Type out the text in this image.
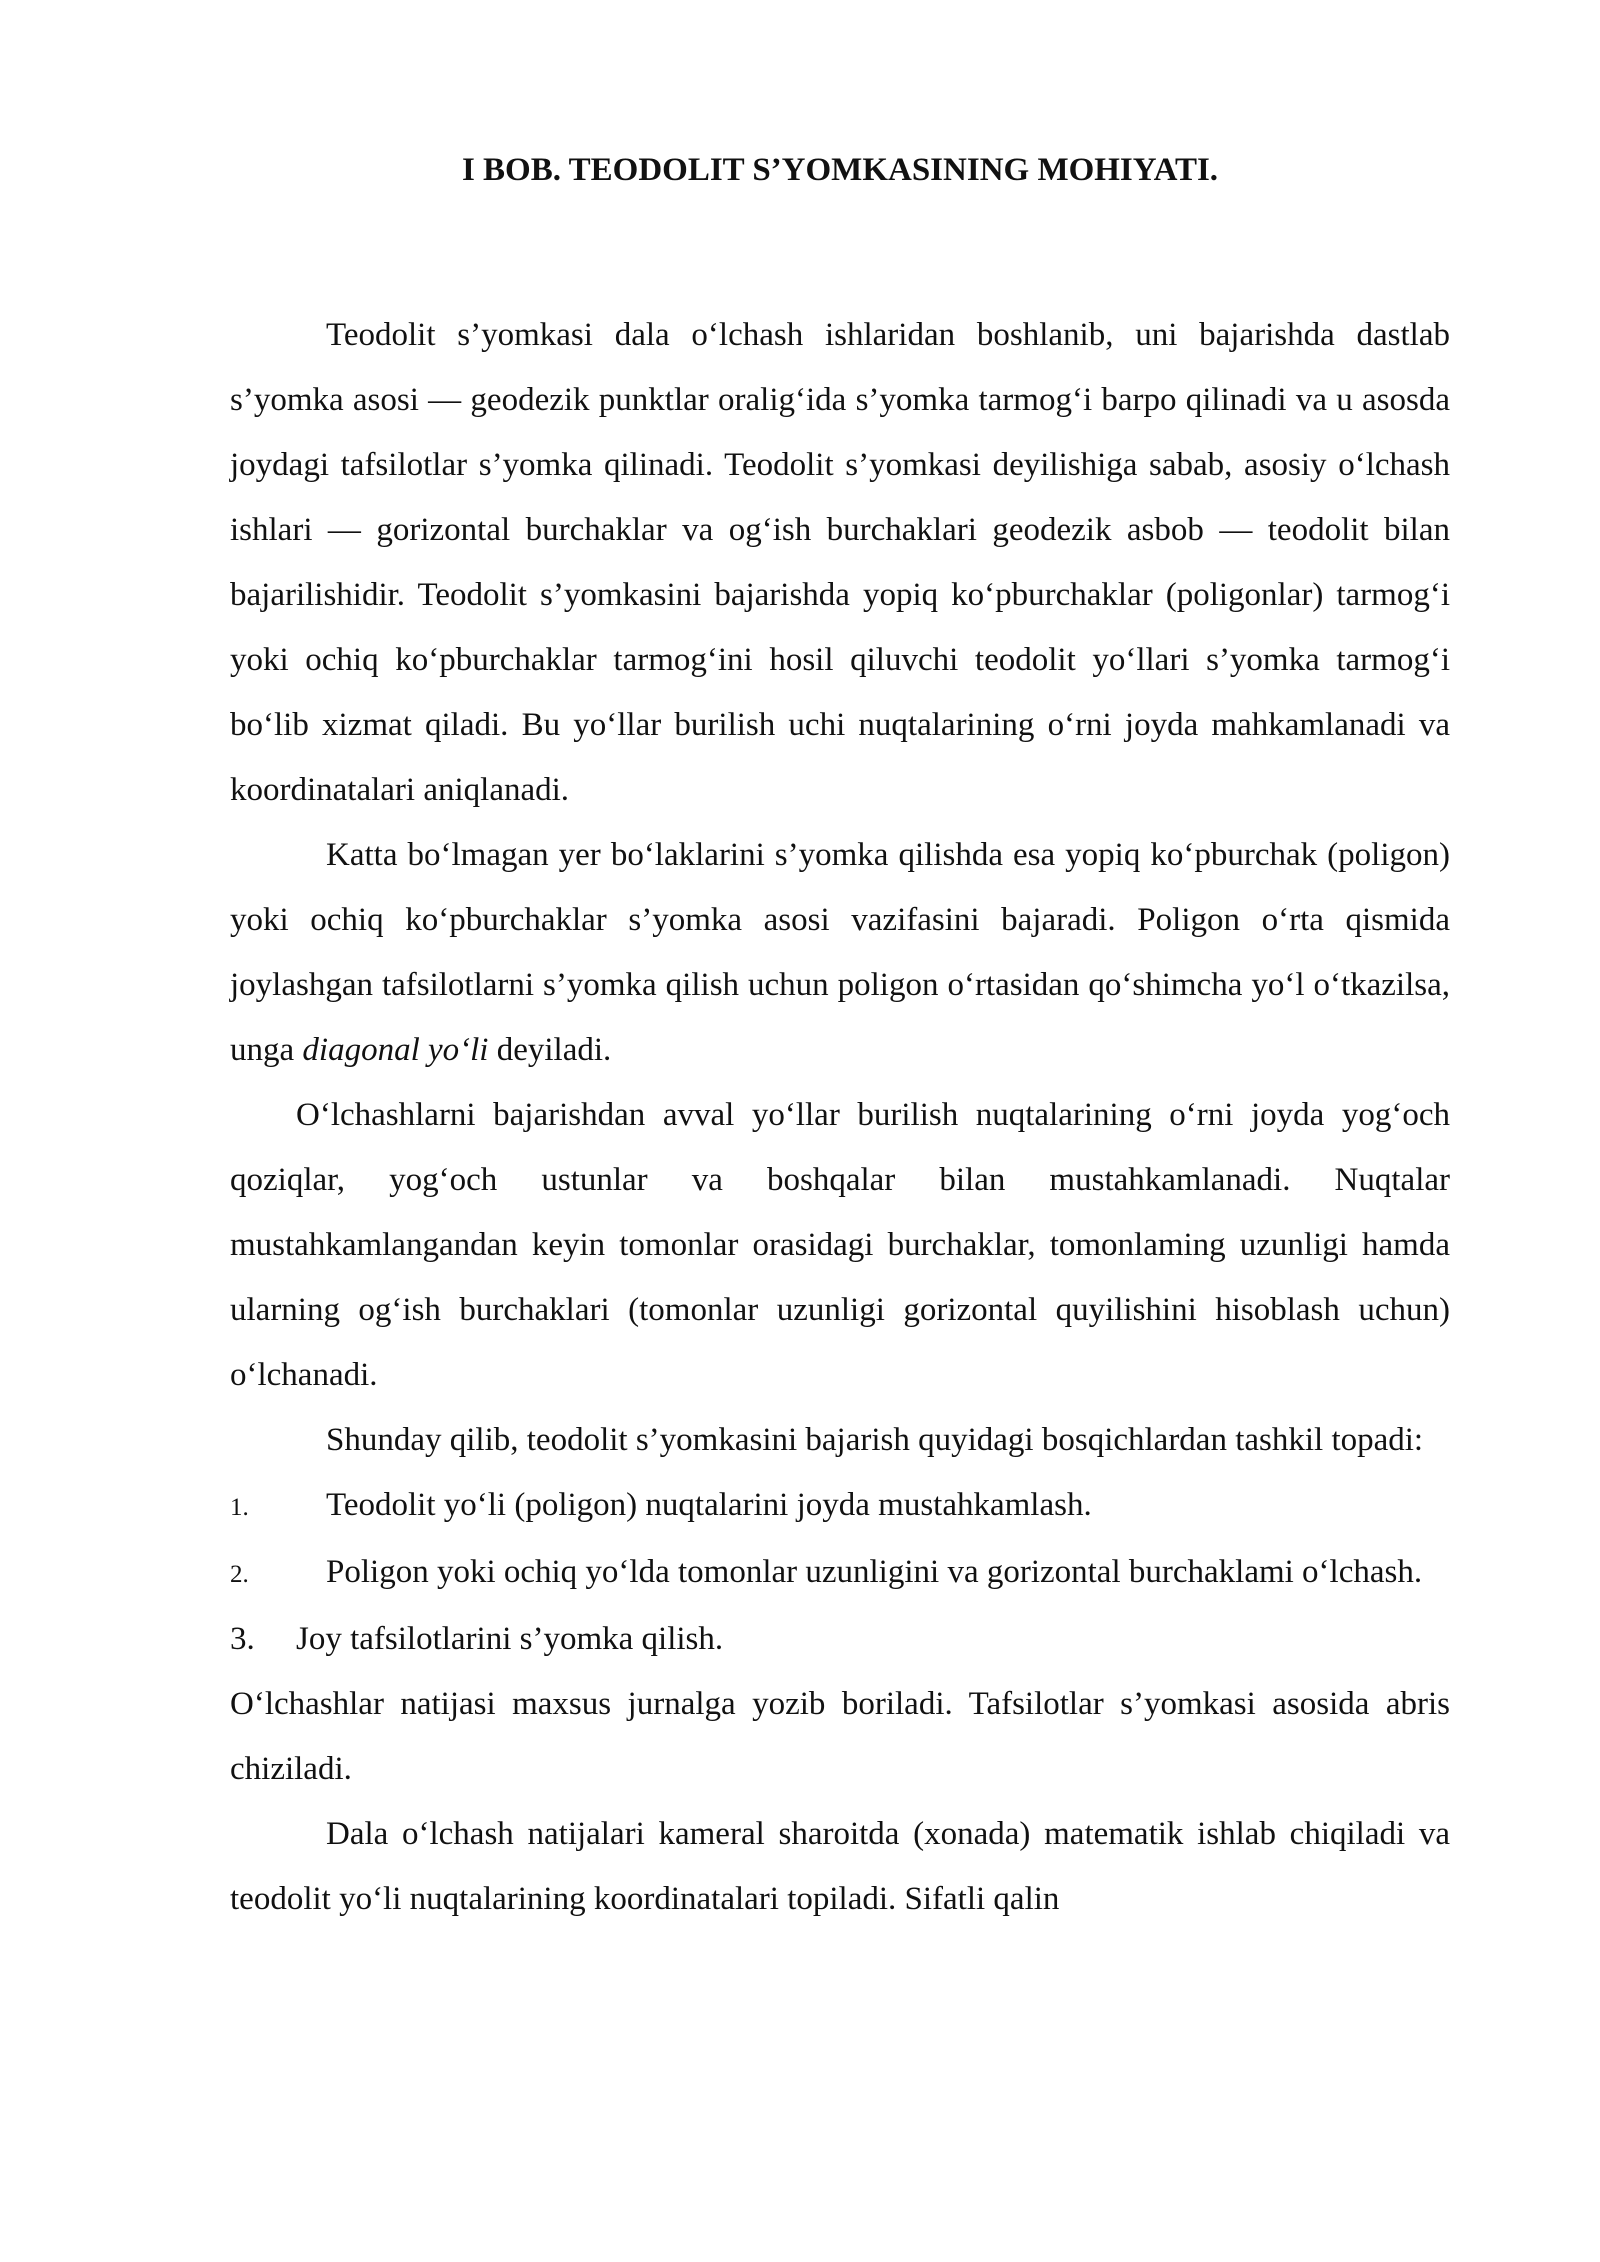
I BOB. TEODOLIT S’YOMKASINING MOHIYATI.

Teodolit s’yomkasi dala o‘lchash ishlaridan boshlanib, uni bajarishda dastlab s’yomka asosi — geodezik punktlar oralig‘ida s’yomka tarmog‘i barpo qilinadi va u asosda joydagi tafsilotlar s’yomka qilinadi. Teodolit s’yomkasi deyilishiga sabab, asosiy o‘lchash ishlari — gorizontal burchaklar va og‘ish burchaklari geodezik asbob — teodolit bilan bajarilishidir. Teodolit s’yomkasini bajarishda yopiq ko‘pburchaklar (poligonlar) tarmog‘i yoki ochiq ko‘pburchaklar tarmog‘ini hosil qiluvchi teodolit yo‘llari s’yomka tarmog‘i bo‘lib xizmat qiladi. Bu yo‘llar burilish uchi nuqtalarining o‘rni joyda mahkamlanadi va koordinatalari aniqlanadi.

Katta bo‘lmagan yer bo‘laklarini s’yomka qilishda esa yopiq ko‘pburchak (poligon) yoki ochiq ko‘pburchaklar s’yomka asosi vazifasini bajaradi. Poligon o‘rta qismida joylashgan tafsilotlarni s’yomka qilish uchun poligon o‘rtasidan qo‘shimcha yo‘l o‘tkazilsa, unga diagonal yo‘li deyiladi.

O‘lchashlarni bajarishdan avval yo‘llar burilish nuqtalarining o‘rni joyda yog‘och qoziqlar, yog‘och ustunlar va boshqalar bilan mustahkamlanadi. Nuqtalar mustahkamlangandan keyin tomonlar orasidagi burchaklar, tomonlaming uzunligi hamda ularning og‘ish burchaklari (tomonlar uzunligi gorizontal quyilishini hisoblash uchun) o‘lchanadi.

Shunday qilib, teodolit s’yomkasini bajarish quyidagi bosqichlardan tashkil topadi:

1. Teodolit yo‘li (poligon) nuqtalarini joyda mustahkamlash.

2. Poligon yoki ochiq yo‘lda tomonlar uzunligini va gorizontal burchaklami o‘lchash.

3. Joy tafsilotlarini s’yomka qilish.

O‘lchashlar natijasi maxsus jurnalga yozib boriladi. Tafsilotlar s’yomkasi asosida abris chiziladi.

Dala o‘lchash natijalari kameral sharoitda (xonada) matematik ishlab chiqiladi va teodolit yo‘li nuqtalarining koordinatalari topiladi. Sifatli qalin
